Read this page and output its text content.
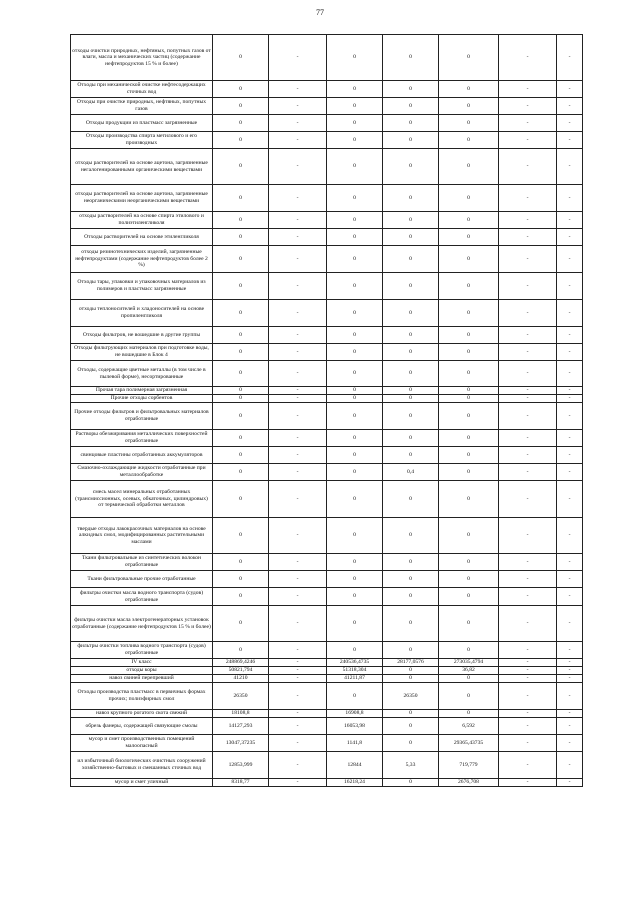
77
отходы очистки природных, нефтяных, попутных газов от влаги, масла и механических частиц (содержание нефтепродуктов 15 % и более)	0	-	0	0	0	-	-	
Отходы при механической очистке нефтесодержащих сточных вод	0	-	0	0	0	-	-	
Отходы при очистке природных, нефтяных, попутных газов	0	-	0	0	0	-	-	
Отходы продукции из пластмасс загрязненные	0	-	0	0	0	-	-	
Отходы производства спирта метилового и его производных	0	-	0	0	0	-	-	
отходы растворителей на основе ацетона, загрязненные негалогенированными органическими веществами	0	-	0	0	0	-	-	
отходы растворителей на основе ацетона, загрязненные неорганическими неорганическими веществами	0	-	0	0	0	-	-	
отходы растворителей на основе спирта этилового и полиэтиленгликоля	0	-	0	0	0	-	-	
Отходы растворителей на основе этиленгликоля	0	-	0	0	0	-	-	
отходы резинотехнических изделий, загрязненные нефтепродуктами (содержание нефтепродуктов более 2 %)	0	-	0	0	0	-	-	
Отходы тары, упаковки и упаковочных материалов из полимеров и пластмасс загрязненные	0	-	0	0	0	-	-	
отходы теплоносителей и хладоносителей на основе пропиленгликоля	0	-	0	0	0	-	-	
Отходы фильтров, не вошедшие в другие группы	0	-	0	0	0	-	-	
Отходы фильтрующих материалов при подготовке воды, не вошедшие в Блок 4	0	-	0	0	0	-	-	
Отходы, содержащие цветные металлы (в том числе в пылевой форме), несортированные	0	-	0	0	0	-	-	
Прочая тара полимерная загрязненная	0	-	0	0	0	-	-	
Прочие отходы сорбентов	0	-	0	0	0	-	-	
Прочие отходы фильтров и фильтровальных материалов отработанные	0	-	0	0	0	-	-	
Растворы обезжиривания металлических поверхностей отработанные	0	-	0	0	0	-	-	
свинцовые пластины отработанных аккумуляторов	0	-	0	0	0	-	-	
Смазочно-охлаждающие жидкости отработанные при металлообработке	0	-	0	0,4	0	-	-	
смесь масел минеральных отработанных (трансмиссионных, осевых, обкаточных, цилиндровых) от термической обработки металлов	0	-	0	0	0	-	-	
твердые отходы лакокрасочных материалов на основе алкидных смол, модифицированных растительными маслами	0	-	0	0	0	-	-	
Ткани фильтровальные из синтетических волокон отработанные	0	-	0	0	0	-	-	
Ткани фильтровальные прочие отработанные	0	-	0	0	0	-	-	
фильтры очистки масла водного транспорта (судов) отработанные	0	-	0	0	0	-	-	
фильтры очистки масла электрогенераторных установок отработанные (содержание нефтепродуктов 15 % и более)	0	-	0	0	0	-	-	
фильтры очистки топлива водного транспорта (судов) отработанные	0	-	0	0	0	-	-	
IV класс	248869,4246	-	240536,4735	28177,0576	273035,4794	-	-	
отходы коры	50821,794	-	51318,304	0	36,82	-	-	
навоз свиней перепревший	41210	-	41211,87	0	0	-	-	
Отходы производства пластмасс в первичных формах прочих; полиэфирных смол	26350	-	0	26350	0	-	-	
навоз крупного рогатого скота свежий	18108,8	-	16908,8	0	0	-	-	
обрезь фанеры, содержащей связующие смолы	14127,293	-	16053,98	0	6,592	-	-	
мусор и смет производственных помещений малоопасный	13047,37235	-	1141,8	0	29365,43735	-	-	
ил избыточный биологических очистных сооружений хозяйственно-бытовых и смешанных сточных вод	12853,999	-	12844	5,33	719,779	-	-	
мусор и смет уличный	8318,77	-	16218,24	0	2676,708	-	-	
